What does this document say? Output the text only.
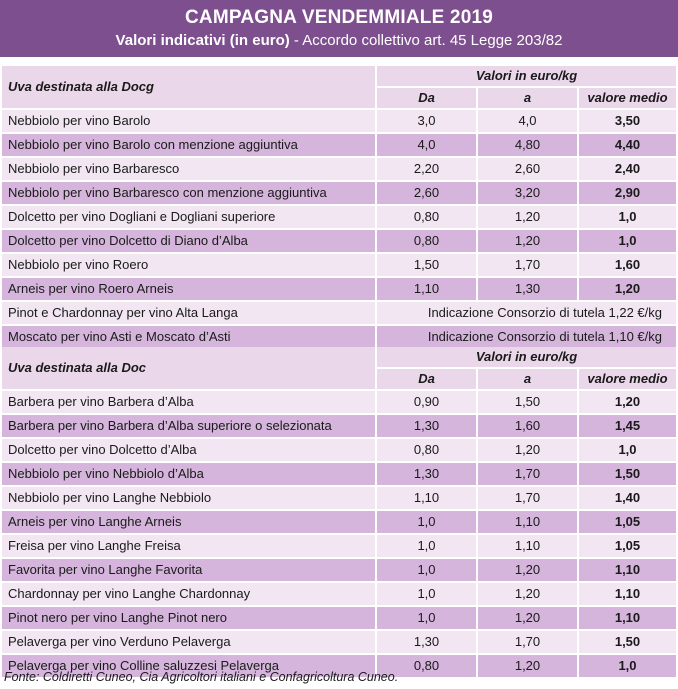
CAMPAGNA VENDEMMIALE 2019
Valori indicativi (in euro) - Accordo collettivo art. 45 Legge 203/82
Uva destinata alla Docg	Valori in euro/kg		
	Da	a	valore medio
Nebbiolo per vino Barolo	3,0	4,0	3,50
Nebbiolo per vino Barolo con menzione aggiuntiva	4,0	4,80	4,40
Nebbiolo per vino Barbaresco	2,20	2,60	2,40
Nebbiolo per vino Barbaresco con menzione aggiuntiva	2,60	3,20	2,90
Dolcetto per vino Dogliani e Dogliani superiore	0,80	1,20	1,0
Dolcetto per vino Dolcetto di Diano d’Alba	0,80	1,20	1,0
Nebbiolo per vino Roero	1,50	1,70	1,60
Arneis per vino Roero Arneis	1,10	1,30	1,20
Pinot e Chardonnay per vino Alta Langa	Indicazione Consorzio di tutela 1,22 €/kg		
Moscato per vino Asti e Moscato d’Asti	Indicazione Consorzio di tutela 1,10 €/kg		
Uva destinata alla Doc	Valori in euro/kg		
	Da	a	valore medio
Barbera per vino Barbera d’Alba	0,90	1,50	1,20
Barbera per vino Barbera d’Alba superiore o selezionata	1,30	1,60	1,45
Dolcetto per vino Dolcetto d’Alba	0,80	1,20	1,0
Nebbiolo per vino Nebbiolo d’Alba	1,30	1,70	1,50
Nebbiolo per vino Langhe Nebbiolo	1,10	1,70	1,40
Arneis per vino Langhe Arneis	1,0	1,10	1,05
Freisa per vino Langhe Freisa	1,0	1,10	1,05
Favorita per vino Langhe Favorita	1,0	1,20	1,10
Chardonnay per vino Langhe Chardonnay	1,0	1,20	1,10
Pinot nero per vino Langhe Pinot nero	1,0	1,20	1,10
Pelaverga per vino Verduno Pelaverga	1,30	1,70	1,50
Pelaverga per vino Colline saluzzesi Pelaverga	0,80	1,20	1,0
Fonte: Coldiretti Cuneo, Cia Agricoltori italiani e Confagricoltura Cuneo.
